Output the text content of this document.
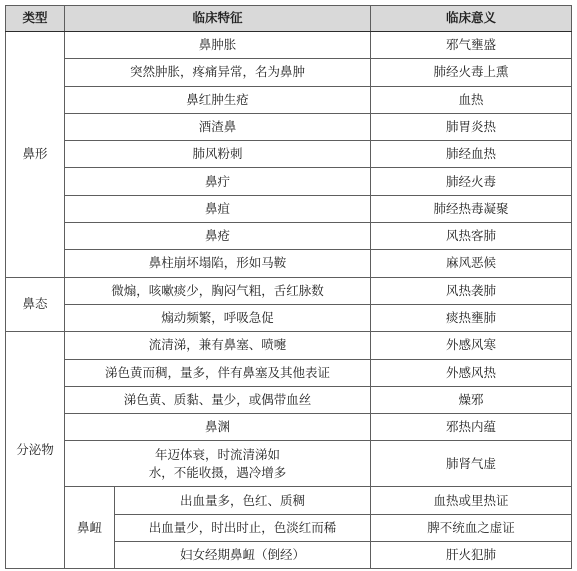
类型	临床特征		临床意义
鼻形	鼻肿胀		邪气壅盛
	突然肿胀，疼痛异常，名为鼻肿		肺经火毒上熏
	鼻红肿生疮		血热
	酒渣鼻		肺胃炎热
	肺风粉刺		肺经血热
	鼻疔		肺经火毒
	鼻疽		肺经热毒凝聚
	鼻疮		风热客肺
	鼻柱崩坏塌陷，形如马鞍		麻风恶候
鼻态	微煽，咳嗽痰少，胸闷气粗，舌红脉数		风热袭肺
	煽动频繁，呼吸急促		痰热壅肺
分泌物	流清涕，兼有鼻塞、喷嚏		外感风寒
	涕色黄而稠，量多，伴有鼻塞及其他表证		外感风热
	涕色黄、质黏、量少，或偶带血丝		燥邪
	鼻渊		邪热内蕴
	年迈体衰，时流清涕如
水，不能收摄，遇冷增多		肺肾气虚
	鼻衄	出血量多，色红、质稠	血热或里热证
		出血量少，时出时止，色淡红而稀	脾不统血之虚证
		妇女经期鼻衄（倒经）	肝火犯肺
